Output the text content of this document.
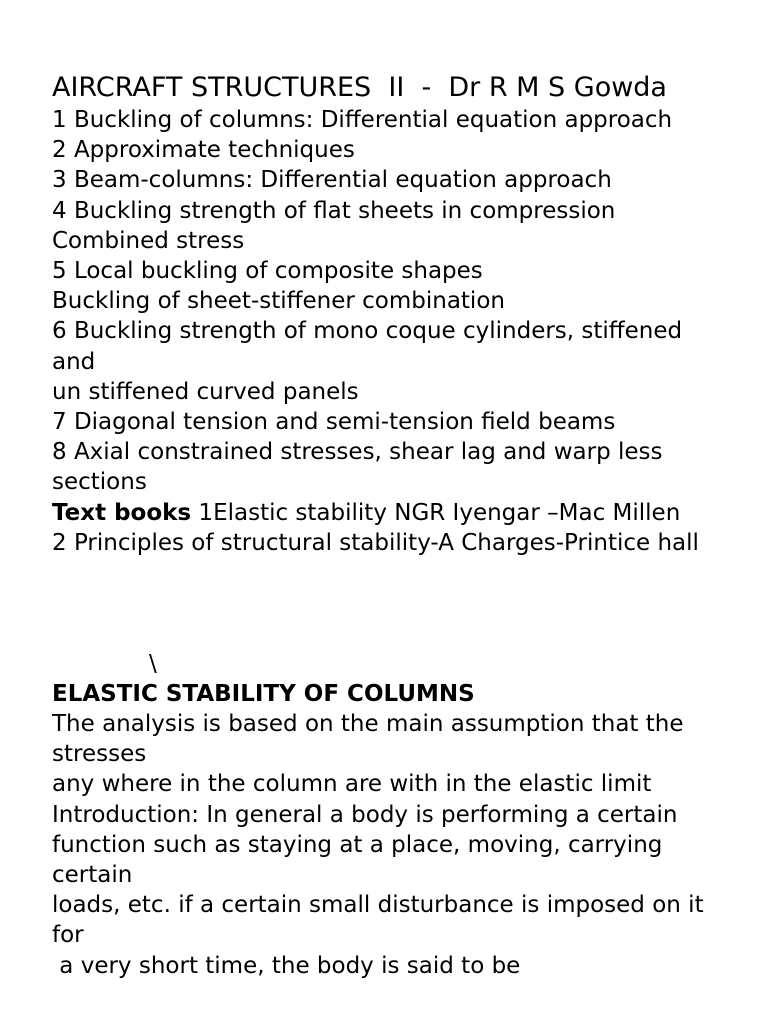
AIRCRAFT STRUCTURES  II  -  Dr R M S Gowda
1 Buckling of columns: Differential equation approach
2 Approximate techniques
3 Beam-columns: Differential equation approach
4 Buckling strength of flat sheets in compression
Combined stress
5 Local buckling of composite shapes
Buckling of sheet-stiffener combination
6 Buckling strength of mono coque cylinders, stiffened
and
un stiffened curved panels
7 Diagonal tension and semi-tension field beams
8 Axial constrained stresses, shear lag and warp less
sections
Text books 1Elastic stability NGR Iyengar –Mac Millen
2 Principles of structural stability-A Charges-Printice hall
\
ELASTIC STABILITY OF COLUMNS
The analysis is based on the main assumption that the
stresses
any where in the column are with in the elastic limit
Introduction: In general a body is performing a certain
function such as staying at a place, moving, carrying
certain
loads, etc. if a certain small disturbance is imposed on it
for
a very short time, the body is said to be
